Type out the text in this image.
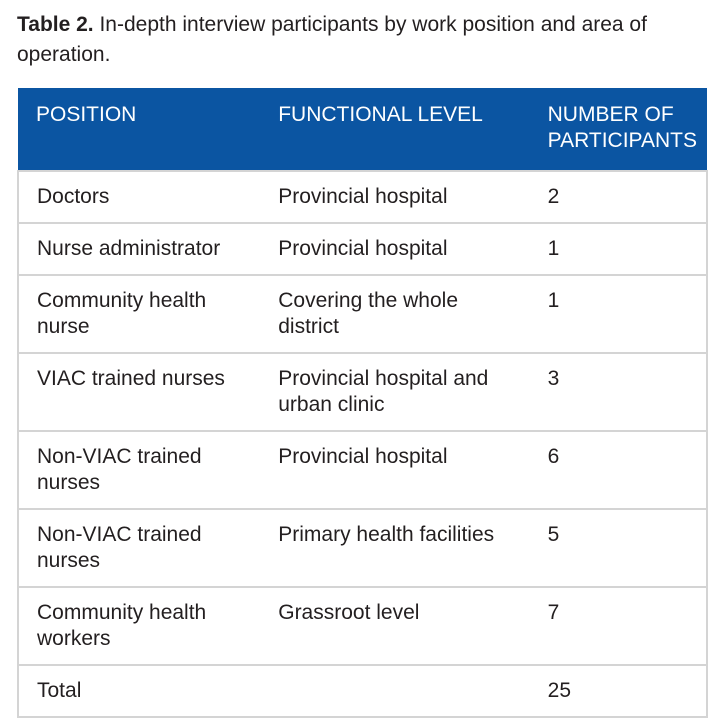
Table 2. In-depth interview participants by work position and area of operation.
POSITION	FUNCTIONAL LEVEL	NUMBER OF PARTICIPANTS
Doctors	Provincial hospital	2
Nurse administrator	Provincial hospital	1
Community health nurse	Covering the whole district	1
VIAC trained nurses	Provincial hospital and urban clinic	3
Non-VIAC trained nurses	Provincial hospital	6
Non-VIAC trained nurses	Primary health facilities	5
Community health workers	Grassroot level	7
Total		25
